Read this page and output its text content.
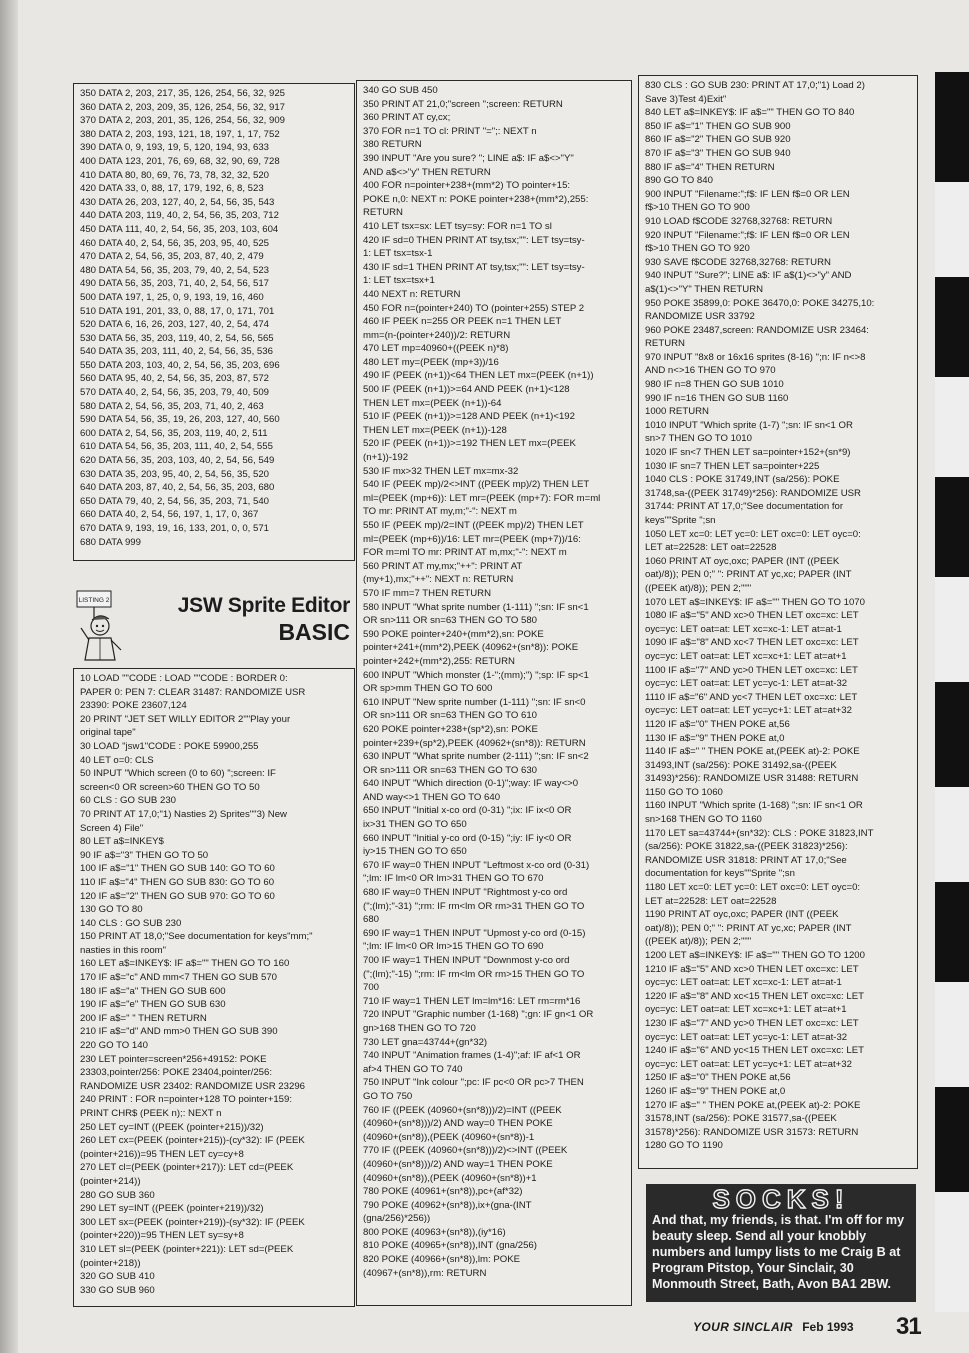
350 DATA 2, 203, 217, 35, 126, 254, 56, 32, 925
360 DATA 2, 203, 209, 35, 126, 254, 56, 32, 917
370 DATA 2, 203, 201, 35, 126, 254, 56, 32, 909
380 DATA 2, 203, 193, 121, 18, 197, 1, 17, 752
390 DATA 0, 9, 193, 19, 5, 120, 194, 93, 633
400 DATA 123, 201, 76, 69, 68, 32, 90, 69, 728
410 DATA 80, 80, 69, 76, 73, 78, 32, 32, 520
420 DATA 33, 0, 88, 17, 179, 192, 6, 8, 523
430 DATA 26, 203, 127, 40, 2, 54, 56, 35, 543
440 DATA 203, 119, 40, 2, 54, 56, 35, 203, 712
450 DATA 111, 40, 2, 54, 56, 35, 203, 103, 604
460 DATA 40, 2, 54, 56, 35, 203, 95, 40, 525
470 DATA 2, 54, 56, 35, 203, 87, 40, 2, 479
480 DATA 54, 56, 35, 203, 79, 40, 2, 54, 523
490 DATA 56, 35, 203, 71, 40, 2, 54, 56, 517
500 DATA 197, 1, 25, 0, 9, 193, 19, 16, 460
510 DATA 191, 201, 33, 0, 88, 17, 0, 171, 701
520 DATA 6, 16, 26, 203, 127, 40, 2, 54, 474
530 DATA 56, 35, 203, 119, 40, 2, 54, 56, 565
540 DATA 35, 203, 111, 40, 2, 54, 56, 35, 536
550 DATA 203, 103, 40, 2, 54, 56, 35, 203, 696
560 DATA 95, 40, 2, 54, 56, 35, 203, 87, 572
570 DATA 40, 2, 54, 56, 35, 203, 79, 40, 509
580 DATA 2, 54, 56, 35, 203, 71, 40, 2, 463
590 DATA 54, 56, 35, 19, 26, 203, 127, 40, 560
600 DATA 2, 54, 56, 35, 203, 119, 40, 2, 511
610 DATA 54, 56, 35, 203, 111, 40, 2, 54, 555
620 DATA 56, 35, 203, 103, 40, 2, 54, 56, 549
630 DATA 35, 203, 95, 40, 2, 54, 56, 35, 520
640 DATA 203, 87, 40, 2, 54, 56, 35, 203, 680
650 DATA 79, 40, 2, 54, 56, 35, 203, 71, 540
660 DATA 40, 2, 54, 56, 197, 1, 17, 0, 367
670 DATA 9, 193, 19, 16, 133, 201, 0, 0, 571
680 DATA 999
LISTING 2	JSW Sprite Editor
BASIC
10 LOAD ""CODE : LOAD ""CODE : BORDER 0:
PAPER 0: PEN 7: CLEAR 31487: RANDOMIZE USR
23390: POKE 23607,124
20 PRINT "JET SET WILLY EDITOR 2""Play your
original tape"
30 LOAD "jsw1"CODE : POKE 59900,255
40 LET o=0: CLS
50 INPUT "Which screen (0 to 60) ";screen: IF
screen<0 OR screen>60 THEN GO TO 50
60 CLS : GO SUB 230
70 PRINT AT 17,0;"1) Nasties 2) Sprites""3) New
Screen 4) File"
80 LET a$=INKEY$
90 IF a$="3" THEN GO TO 50
100 IF a$="1" THEN GO SUB 140: GO TO 60
110 IF a$="4" THEN GO SUB 830: GO TO 60
120 IF a$="2" THEN GO SUB 970: GO TO 60
130 GO TO 80
140 CLS : GO SUB 230
150 PRINT AT 18,0;"See documentation for keys"mm;"
nasties in this room"
160 LET a$=INKEY$: IF a$="" THEN GO TO 160
170 IF a$="c" AND mm<7 THEN GO SUB 570
180 IF a$="a" THEN GO SUB 600
190 IF a$="e" THEN GO SUB 630
200 IF a$=" " THEN RETURN
210 IF a$="d" AND mm>0 THEN GO SUB 390
220 GO TO 140
230 LET pointer=screen*256+49152: POKE
23303,pointer/256: POKE 23404,pointer/256:
RANDOMIZE USR 23402: RANDOMIZE USR 23296
240 PRINT : FOR n=pointer+128 TO pointer+159:
PRINT CHR$ (PEEK n);: NEXT n
250 LET cy=INT ((PEEK (pointer+215))/32)
260 LET cx=(PEEK (pointer+215))-(cy*32): IF (PEEK
(pointer+216))=95 THEN LET cy=cy+8
270 LET cl=(PEEK (pointer+217)): LET cd=(PEEK
(pointer+214))
280 GO SUB 360
290 LET sy=INT ((PEEK (pointer+219))/32)
300 LET sx=(PEEK (pointer+219))-(sy*32): IF (PEEK
(pointer+220))=95 THEN LET sy=sy+8
310 LET sl=(PEEK (pointer+221)): LET sd=(PEEK
(pointer+218))
320 GO SUB 410
330 GO SUB 960
340 GO SUB 450
350 PRINT AT 21,0;"screen ";screen: RETURN
360 PRINT AT cy,cx;
370 FOR n=1 TO cl: PRINT "=";: NEXT n
380 RETURN
390 INPUT "Are you sure? "; LINE a$: IF a$<>"Y"
AND a$<>"y" THEN RETURN
400 FOR n=pointer+238+(mm*2) TO pointer+15:
POKE n,0: NEXT n: POKE pointer+238+(mm*2),255:
RETURN
410 LET tsx=sx: LET tsy=sy: FOR n=1 TO sl
420 IF sd=0 THEN PRINT AT tsy,tsx;"": LET tsy=tsy-
1: LET tsx=tsx-1
430 IF sd=1 THEN PRINT AT tsy,tsx;"": LET tsy=tsy-
1: LET tsx=tsx+1
440 NEXT n: RETURN
450 FOR n=(pointer+240) TO (pointer+255) STEP 2
460 IF PEEK n=255 OR PEEK n=1 THEN LET
mm=(n-(pointer+240))/2: RETURN
470 LET mp=40960+((PEEK n)*8)
480 LET my=(PEEK (mp+3))/16
490 IF (PEEK (n+1))<64 THEN LET mx=(PEEK (n+1))
500 IF (PEEK (n+1))>=64 AND PEEK (n+1)<128
THEN LET mx=(PEEK (n+1))-64
510 IF (PEEK (n+1))>=128 AND PEEK (n+1)<192
THEN LET mx=(PEEK (n+1))-128
520 IF (PEEK (n+1))>=192 THEN LET mx=(PEEK
(n+1))-192
530 IF mx>32 THEN LET mx=mx-32
540 IF (PEEK mp)/2<>INT ((PEEK mp)/2) THEN LET
ml=(PEEK (mp+6)): LET mr=(PEEK (mp+7): FOR m=ml
TO mr: PRINT AT my,m;"-": NEXT m
550 IF (PEEK mp)/2=INT ((PEEK mp)/2) THEN LET
ml=(PEEK (mp+6))/16: LET mr=(PEEK (mp+7))/16:
FOR m=ml TO mr: PRINT AT m,mx;"-": NEXT m
560 PRINT AT my,mx;"++": PRINT AT
(my+1),mx;"++": NEXT n: RETURN
570 IF mm=7 THEN RETURN
580 INPUT "What sprite number (1-111) ";sn: IF sn<1
OR sn>111 OR sn=63 THEN GO TO 580
590 POKE pointer+240+(mm*2),sn: POKE
pointer+241+(mm*2),PEEK (40962+(sn*8)): POKE
pointer+242+(mm*2),255: RETURN
600 INPUT "Which monster (1-";(mm);") ";sp: IF sp<1
OR sp>mm THEN GO TO 600
610 INPUT "New sprite number (1-111) ";sn: IF sn<0
OR sn>111 OR sn=63 THEN GO TO 610
620 POKE pointer+238+(sp*2),sn: POKE
pointer+239+(sp*2),PEEK (40962+(sn*8)): RETURN
630 INPUT "What sprite number (2-111) ";sn: IF sn<2
OR sn>111 OR sn=63 THEN GO TO 630
640 INPUT "Which direction (0-1)";way: IF way<>0
AND way<>1 THEN GO TO 640
650 INPUT "Initial x-co ord (0-31) ";ix: IF ix<0 OR
ix>31 THEN GO TO 650
660 INPUT "Initial y-co ord (0-15) ";iy: IF iy<0 OR
iy>15 THEN GO TO 650
670 IF way=0 THEN INPUT "Leftmost x-co ord (0-31)
";lm: IF lm<0 OR lm>31 THEN GO TO 670
680 IF way=0 THEN INPUT "Rightmost y-co ord
(";(lm);"-31) ";rm: IF rm<lm OR rm>31 THEN GO TO
680
690 IF way=1 THEN INPUT "Upmost y-co ord (0-15)
";lm: IF lm<0 OR lm>15 THEN GO TO 690
700 IF way=1 THEN INPUT "Downmost y-co ord
(";(lm);"-15) ";rm: IF rm<lm OR rm>15 THEN GO TO
700
710 IF way=1 THEN LET lm=lm*16: LET rm=rm*16
720 INPUT "Graphic number (1-168) ";gn: IF gn<1 OR
gn>168 THEN GO TO 720
730 LET gna=43744+(gn*32)
740 INPUT "Animation frames (1-4)";af: IF af<1 OR
af>4 THEN GO TO 740
750 INPUT "Ink colour ";pc: IF pc<0 OR pc>7 THEN
GO TO 750
760 IF ((PEEK (40960+(sn*8)))/2)=INT ((PEEK
(40960+(sn*8)))/2) AND way=0 THEN POKE
(40960+(sn*8)),(PEEK (40960+(sn*8))-1
770 IF ((PEEK (40960+(sn*8)))/2)<>INT ((PEEK
(40960+(sn*8)))/2) AND way=1 THEN POKE
(40960+(sn*8)),(PEEK (40960+(sn*8))+1
780 POKE (40961+(sn*8)),pc+(af*32)
790 POKE (40962+(sn*8)),ix+(gna-(INT
(gna/256)*256))
800 POKE (40963+(sn*8)),(iy*16)
810 POKE (40965+(sn*8)),INT (gna/256)
820 POKE (40966+(sn*8)),lm: POKE
(40967+(sn*8)),rm: RETURN
830 CLS : GO SUB 230: PRINT AT 17,0;"1) Load 2)
Save 3)Test 4)Exit"
840 LET a$=INKEY$: IF a$="" THEN GO TO 840
850 IF a$="1" THEN GO SUB 900
860 IF a$="2" THEN GO SUB 920
870 IF a$="3" THEN GO SUB 940
880 IF a$="4" THEN RETURN
890 GO TO 840
900 INPUT "Filename:";f$: IF LEN f$=0 OR LEN
f$>10 THEN GO TO 900
910 LOAD f$CODE 32768,32768: RETURN
920 INPUT "Filename:";f$: IF LEN f$=0 OR LEN
f$>10 THEN GO TO 920
930 SAVE f$CODE 32768,32768: RETURN
940 INPUT "Sure?"; LINE a$: IF a$(1)<>"y" AND
a$(1)<>"Y" THEN RETURN
950 POKE 35899,0: POKE 36470,0: POKE 34275,10:
RANDOMIZE USR 33792
960 POKE 23487,screen: RANDOMIZE USR 23464:
RETURN
970 INPUT "8x8 or 16x16 sprites (8-16) ";n: IF n<>8
AND n<>16 THEN GO TO 970
980 IF n=8 THEN GO SUB 1010
990 IF n=16 THEN GO SUB 1160
1000 RETURN
1010 INPUT "Which sprite (1-7) ";sn: IF sn<1 OR
sn>7 THEN GO TO 1010
1020 IF sn<7 THEN LET sa=pointer+152+(sn*9)
1030 IF sn=7 THEN LET sa=pointer+225
1040 CLS : POKE 31749,INT (sa/256): POKE
31748,sa-((PEEK 31749)*256): RANDOMIZE USR
31744: PRINT AT 17,0;"See documentation for
keys""Sprite ";sn
1050 LET xc=0: LET yc=0: LET oxc=0: LET oyc=0:
LET at=22528: LET oat=22528
1060 PRINT AT oyc,oxc; PAPER (INT ((PEEK
oat)/8)); PEN 0;" ": PRINT AT yc,xc; PAPER (INT
((PEEK at)/8)); PEN 2;"""
1070 LET a$=INKEY$: IF a$="" THEN GO TO 1070
1080 IF a$="5" AND xc>0 THEN LET oxc=xc: LET
oyc=yc: LET oat=at: LET xc=xc-1: LET at=at-1
1090 IF a$="8" AND xc<7 THEN LET oxc=xc: LET
oyc=yc: LET oat=at: LET xc=xc+1: LET at=at+1
1100 IF a$="7" AND yc>0 THEN LET oxc=xc: LET
oyc=yc: LET oat=at: LET yc=yc-1: LET at=at-32
1110 IF a$="6" AND yc<7 THEN LET oxc=xc: LET
oyc=yc: LET oat=at: LET yc=yc+1: LET at=at+32
1120 IF a$="0" THEN POKE at,56
1130 IF a$="9" THEN POKE at,0
1140 IF a$=" " THEN POKE at,(PEEK at)-2: POKE
31493,INT (sa/256): POKE 31492,sa-((PEEK
31493)*256): RANDOMIZE USR 31488: RETURN
1150 GO TO 1060
1160 INPUT "Which sprite (1-168) ";sn: IF sn<1 OR
sn>168 THEN GO TO 1160
1170 LET sa=43744+(sn*32): CLS : POKE 31823,INT
(sa/256): POKE 31822,sa-((PEEK 31823)*256):
RANDOMIZE USR 31818: PRINT AT 17,0;"See
documentation for keys""Sprite ";sn
1180 LET xc=0: LET yc=0: LET oxc=0: LET oyc=0:
LET at=22528: LET oat=22528
1190 PRINT AT oyc,oxc; PAPER (INT ((PEEK
oat)/8)); PEN 0;" ": PRINT AT yc,xc; PAPER (INT
((PEEK at)/8)); PEN 2;"""
1200 LET a$=INKEY$: IF a$="" THEN GO TO 1200
1210 IF a$="5" AND xc>0 THEN LET oxc=xc: LET
oyc=yc: LET oat=at: LET xc=xc-1: LET at=at-1
1220 IF a$="8" AND xc<15 THEN LET oxc=xc: LET
oyc=yc: LET oat=at: LET xc=xc+1: LET at=at+1
1230 IF a$="7" AND yc>0 THEN LET oxc=xc: LET
oyc=yc: LET oat=at: LET yc=yc-1: LET at=at-32
1240 IF a$="6" AND yc<15 THEN LET oxc=xc: LET
oyc=yc: LET oat=at: LET yc=yc+1: LET at=at+32
1250 IF a$="0" THEN POKE at,56
1260 IF a$="9" THEN POKE at,0
1270 IF a$=" " THEN POKE at,(PEEK at)-2: POKE
31578,INT (sa/256): POKE 31577,sa-((PEEK
31578)*256): RANDOMIZE USR 31573: RETURN
1280 GO TO 1190
SOCKS!
And that, my friends, is that. I'm off for my beauty sleep. Send all your knobbly numbers and lumpy lists to me Craig B at Program Pitstop, Your Sinclair, 30 Monmouth Street, Bath, Avon BA1 2BW.
YOUR SINCLAIR Feb 1993 31
